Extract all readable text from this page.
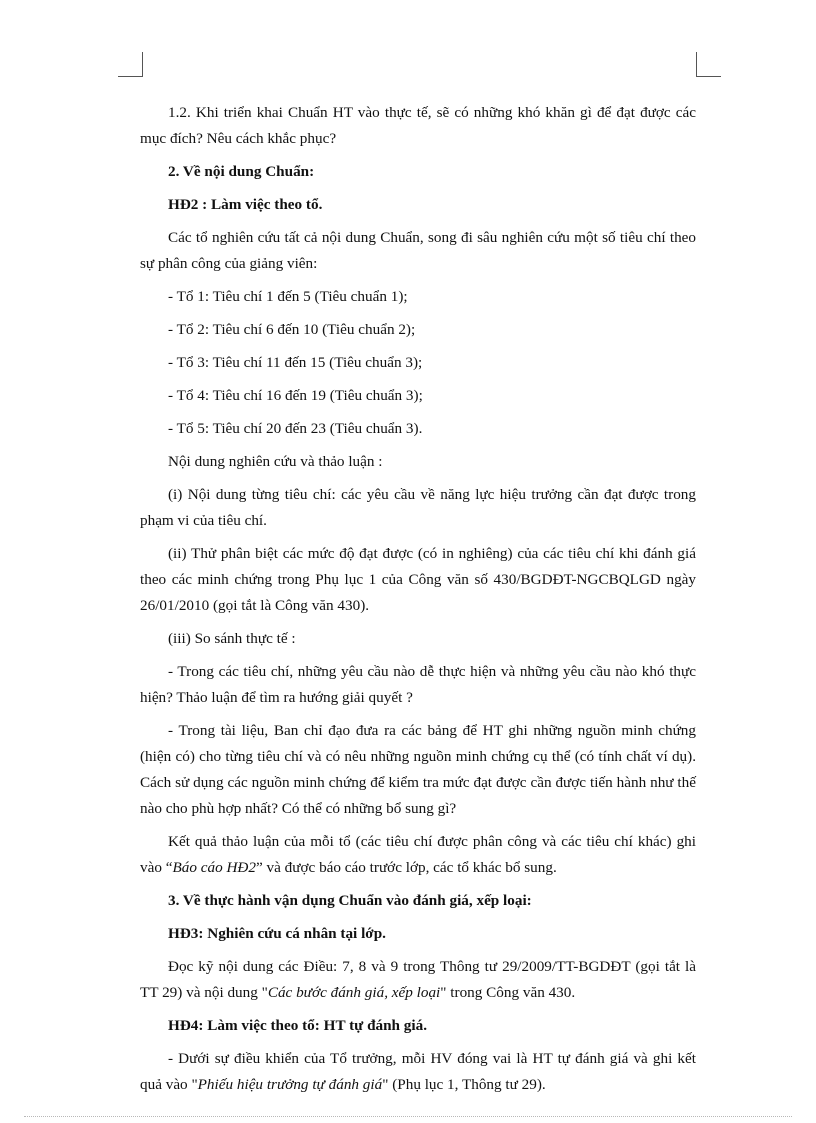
1.2. Khi triển khai Chuẩn HT vào thực tế, sẽ có những khó khăn gì để đạt được các mục đích? Nêu cách khắc phục?

2. Về nội dung Chuẩn:

HĐ2 : Làm việc theo tổ.

Các tổ nghiên cứu tất cả nội dung Chuẩn, song đi sâu nghiên cứu một số tiêu chí theo sự phân công của giảng viên:

- Tổ 1: Tiêu chí 1 đến 5 (Tiêu chuẩn 1);

- Tổ 2: Tiêu chí 6 đến 10 (Tiêu chuẩn 2);

- Tổ 3: Tiêu chí 11 đến 15 (Tiêu chuẩn 3);

- Tổ 4: Tiêu chí 16 đến 19 (Tiêu chuẩn 3);

- Tổ 5: Tiêu chí 20 đến 23 (Tiêu chuẩn 3).

Nội dung nghiên cứu và thảo luận :

(i) Nội dung từng tiêu chí: các yêu cầu về năng lực hiệu trưởng cần đạt được trong phạm vi của tiêu chí.

(ii) Thử phân biệt các mức độ đạt được (có in nghiêng) của các tiêu chí khi đánh giá theo các minh chứng trong Phụ lục 1 của Công văn số 430/BGDĐT-NGCBQLGD ngày 26/01/2010 (gọi tắt là Công văn 430).

(iii) So sánh thực tế :

- Trong các tiêu chí, những yêu cầu nào dễ thực hiện và những yêu cầu nào khó thực hiện? Thảo luận để tìm ra hướng giải quyết ?

- Trong tài liệu, Ban chỉ đạo đưa ra các bảng để HT ghi những nguồn minh chứng (hiện có) cho từng tiêu chí và có nêu những nguồn minh chứng cụ thể (có tính chất ví dụ). Cách sử dụng các nguồn minh chứng để kiểm tra mức đạt được cần được tiến hành như thế nào cho phù hợp nhất? Có thể có những bổ sung gì?

Kết quả thảo luận của mỗi tổ (các tiêu chí được phân công và các tiêu chí khác) ghi vào “Báo cáo HĐ2” và được báo cáo trước lớp, các tổ khác bổ sung.

3. Về thực hành vận dụng Chuẩn vào đánh giá, xếp loại:

HĐ3: Nghiên cứu cá nhân tại lớp.

Đọc kỹ nội dung các Điều: 7, 8 và 9 trong Thông tư 29/2009/TT-BGDĐT (gọi tắt là TT 29) và nội dung "Các bước đánh giá, xếp loại" trong Công văn 430.

HĐ4: Làm việc theo tổ: HT tự đánh giá.

- Dưới sự điều khiển của Tổ trưởng, mỗi HV đóng vai là HT tự đánh giá và ghi kết quả vào "Phiếu hiệu trưởng tự đánh giá" (Phụ lục 1, Thông tư 29).
